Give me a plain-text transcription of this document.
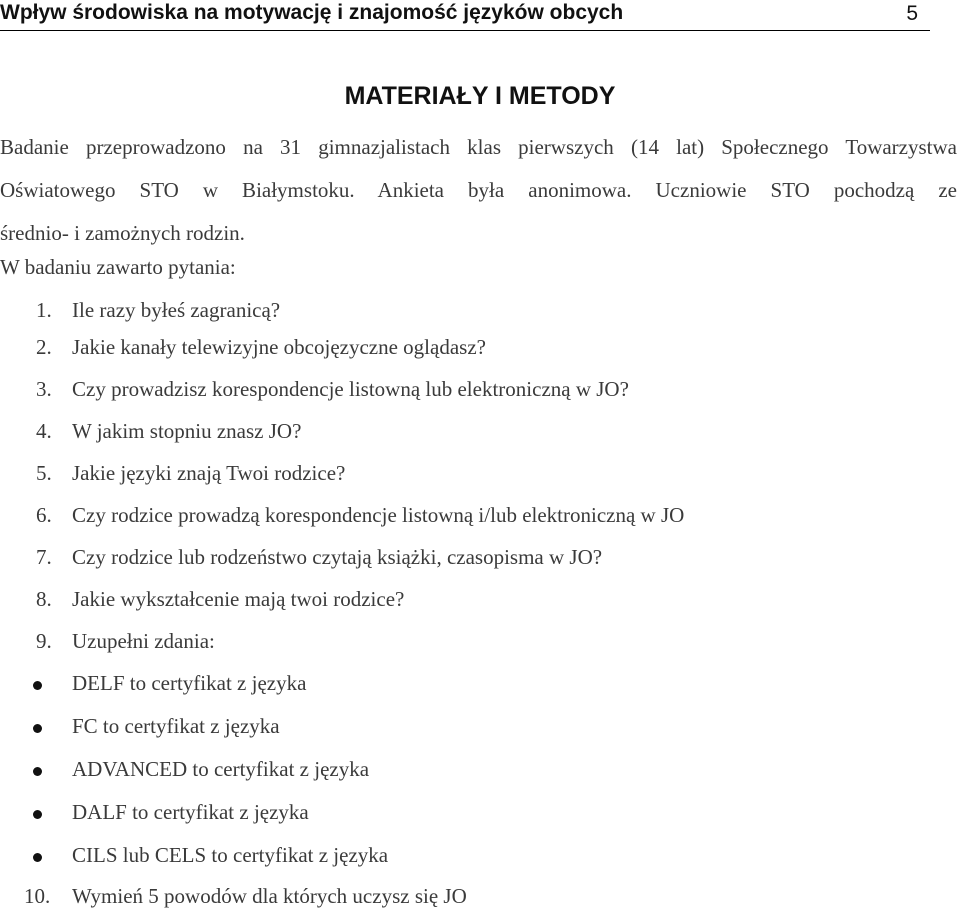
Wpływ środowiska na motywację i znajomość języków obcych	5
MATERIAŁY I METODY
Badanie przeprowadzono na 31 gimnazjalistach klas pierwszych (14 lat) Społecznego Towarzystwa
Oświatowego STO w Białymstoku. Ankieta była anonimowa. Uczniowie STO pochodzą ze
średnio- i zamożnych rodzin.
W badaniu zawarto pytania:
1. Ile razy byłeś zagranicą?
2. Jakie kanały telewizyjne obcojęzyczne oglądasz?
3. Czy prowadzisz korespondencje listowną lub elektroniczną w JO?
4. W jakim stopniu znasz JO?
5. Jakie języki znają Twoi rodzice?
6. Czy rodzice prowadzą korespondencje listowną i/lub elektroniczną w JO
7. Czy rodzice lub rodzeństwo czytają książki, czasopisma w JO?
8. Jakie wykształcenie mają twoi rodzice?
9. Uzupełni zdania:
DELF to certyfikat z języka
FC to certyfikat z języka
ADVANCED to certyfikat z języka
DALF to certyfikat z języka
CILS lub CELS to certyfikat z języka
10. Wymień 5 powodów dla których uczysz się JO
